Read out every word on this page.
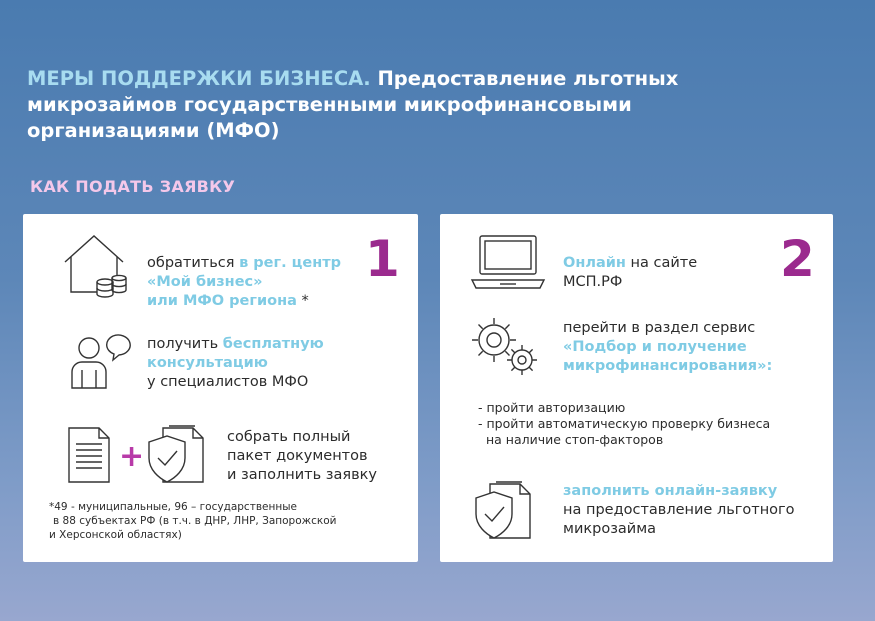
МЕРЫ ПОДДЕРЖКИ БИЗНЕСА. Предоставление льготных микрозаймов государственными микрофинансовыми организациями (МФО)
КАК ПОДАТЬ ЗАЯВКУ
1
обратиться в рег. центр
«Мой бизнес»
или МФО региона *
получить бесплатную
консультацию
у специалистов МФО
+
собрать полный
пакет документов
и заполнить заявку
*49 - муниципальные, 96 – государственные
в 88 субъектах РФ (в т.ч. в ДНР, ЛНР, Запорожской
и Херсонской областях)
2
Онлайн на сайте
МСП.РФ
перейти в раздел сервис
«Подбор и получение
микрофинансирования»:
- пройти авторизацию
- пройти автоматическую проверку бизнеса
на наличие стоп-факторов
заполнить онлайн-заявку
на предоставление льготного
микрозайма
